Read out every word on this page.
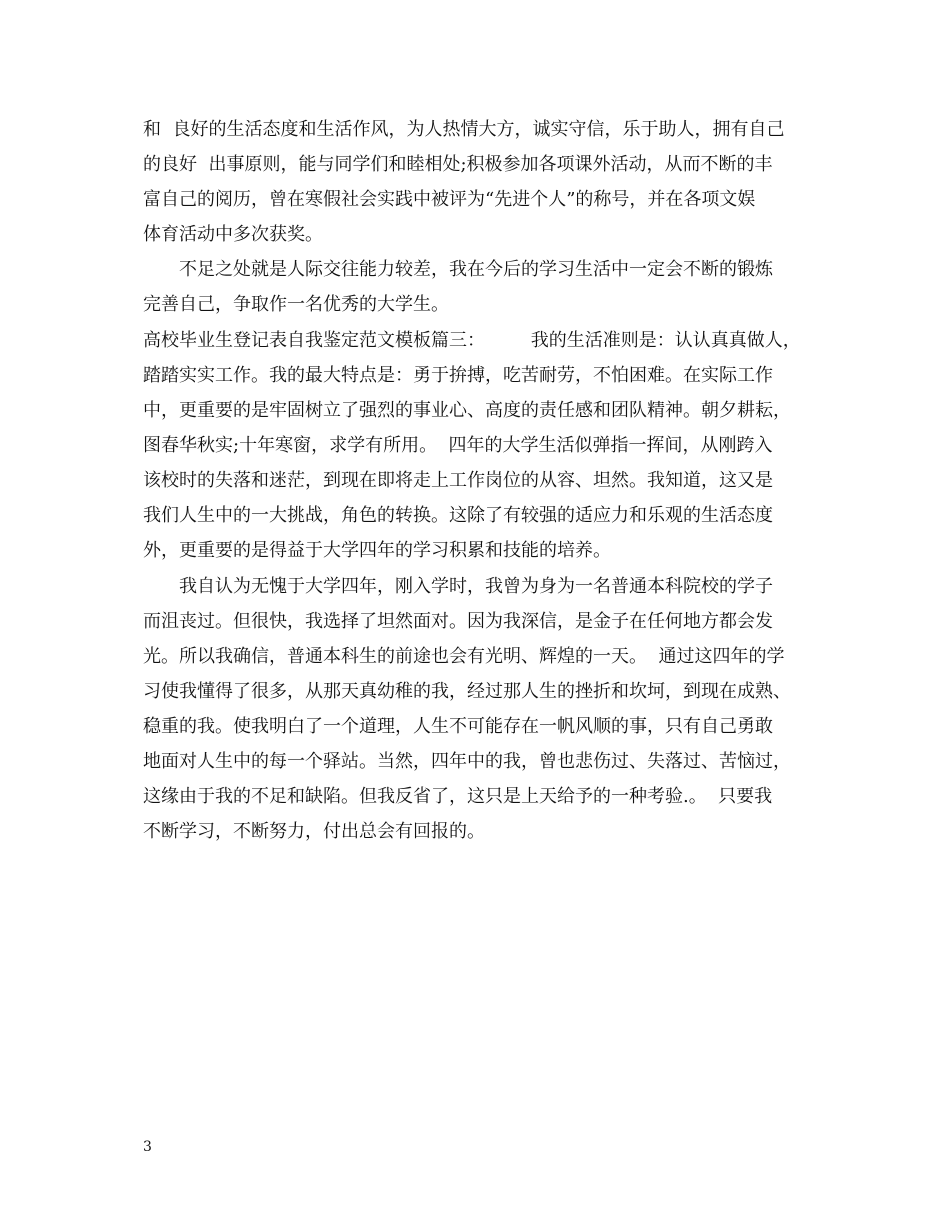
和  良好的生活态度和生活作风，为人热情大方，诚实守信，乐于助人，拥有自己
的良好  出事原则，能与同学们和睦相处;积极参加各项课外活动，从而不断的丰
富自己的阅历，曾在寒假社会实践中被评为“先进个人”的称号，并在各项文娱
体育活动中多次获奖。
不足之处就是人际交往能力较差，我在今后的学习生活中一定会不断的锻炼
完善自己，争取作一名优秀的大学生。
高校毕业生登记表自我鉴定范文模板篇三：        我的生活准则是：认认真真做人，
踏踏实实工作。我的最大特点是：勇于拚搏，吃苦耐劳，不怕困难。在实际工作
中，更重要的是牢固树立了强烈的事业心、高度的责任感和团队精神。朝夕耕耘，
图春华秋实;十年寒窗，求学有所用。  四年的大学生活似弹指一挥间，从刚跨入
该校时的失落和迷茫，到现在即将走上工作岗位的从容、坦然。我知道，这又是
我们人生中的一大挑战，角色的转换。这除了有较强的适应力和乐观的生活态度
外，更重要的是得益于大学四年的学习积累和技能的培养。
我自认为无愧于大学四年，刚入学时，我曾为身为一名普通本科院校的学子
而沮丧过。但很快，我选择了坦然面对。因为我深信，是金子在任何地方都会发
光。所以我确信，普通本科生的前途也会有光明、辉煌的一天。  通过这四年的学
习使我懂得了很多，从那天真幼稚的我，经过那人生的挫折和坎坷，到现在成熟、
稳重的我。使我明白了一个道理，人生不可能存在一帆风顺的事，只有自己勇敢
地面对人生中的每一个驿站。当然，四年中的我，曾也悲伤过、失落过、苦恼过，
这缘由于我的不足和缺陷。但我反省了，这只是上天给予的一种考验.。  只要我
不断学习，不断努力，付出总会有回报的。
3
